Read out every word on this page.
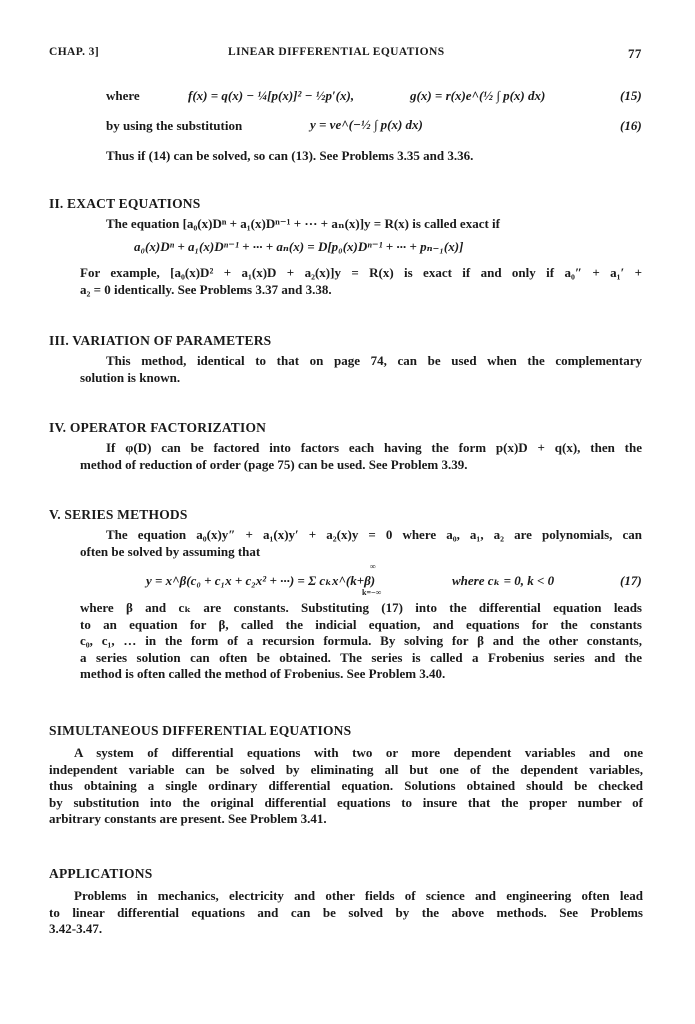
CHAP. 3]	LINEAR DIFFERENTIAL EQUATIONS	77
where	f(x) = q(x) − ¼[p(x)]² − ½p′(x),	g(x) = r(x)e^(½ ∫ p(x) dx)	(15)
by using the substitution	y = ve^(−½ ∫ p(x) dx)	(16)
Thus if (14) can be solved, so can (13). See Problems 3.35 and 3.36.
II. EXACT EQUATIONS
The equation [a₀(x)Dⁿ + a₁(x)Dⁿ⁻¹ + ··· + aₙ(x)]y = R(x) is called exact if
a₀(x)Dⁿ + a₁(x)Dⁿ⁻¹ + ··· + aₙ(x) = D[p₀(x)Dⁿ⁻¹ + ··· + pₙ₋₁(x)]
For example, [a₀(x)D² + a₁(x)D + a₂(x)]y = R(x) is exact if and only if a₀″ + a₁′ +
a₂ = 0 identically. See Problems 3.37 and 3.38.
III. VARIATION OF PARAMETERS
This method, identical to that on page 74, can be used when the complementary
solution is known.
IV. OPERATOR FACTORIZATION
If φ(D) can be factored into factors each having the form p(x)D + q(x), then the
method of reduction of order (page 75) can be used. See Problem 3.39.
V. SERIES METHODS
The equation a₀(x)y″ + a₁(x)y′ + a₂(x)y = 0 where a₀, a₁, a₂ are polynomials, can
often be solved by assuming that
y = x^β(c₀ + c₁x + c₂x² + ···) = Σ cₖx^(k+β)
∞
k=−∞
where cₖ = 0, k < 0	(17)
where β and cₖ are constants. Substituting (17) into the differential equation leads
to an equation for β, called the indicial equation, and equations for the constants
c₀, c₁, … in the form of a recursion formula. By solving for β and the other constants,
a series solution can often be obtained. The series is called a Frobenius series and the
method is often called the method of Frobenius. See Problem 3.40.
SIMULTANEOUS DIFFERENTIAL EQUATIONS
A system of differential equations with two or more dependent variables and one
independent variable can be solved by eliminating all but one of the dependent variables,
thus obtaining a single ordinary differential equation. Solutions obtained should be checked
by substitution into the original differential equations to insure that the proper number of
arbitrary constants are present. See Problem 3.41.
APPLICATIONS
Problems in mechanics, electricity and other fields of science and engineering often lead
to linear differential equations and can be solved by the above methods. See Problems
3.42-3.47.
